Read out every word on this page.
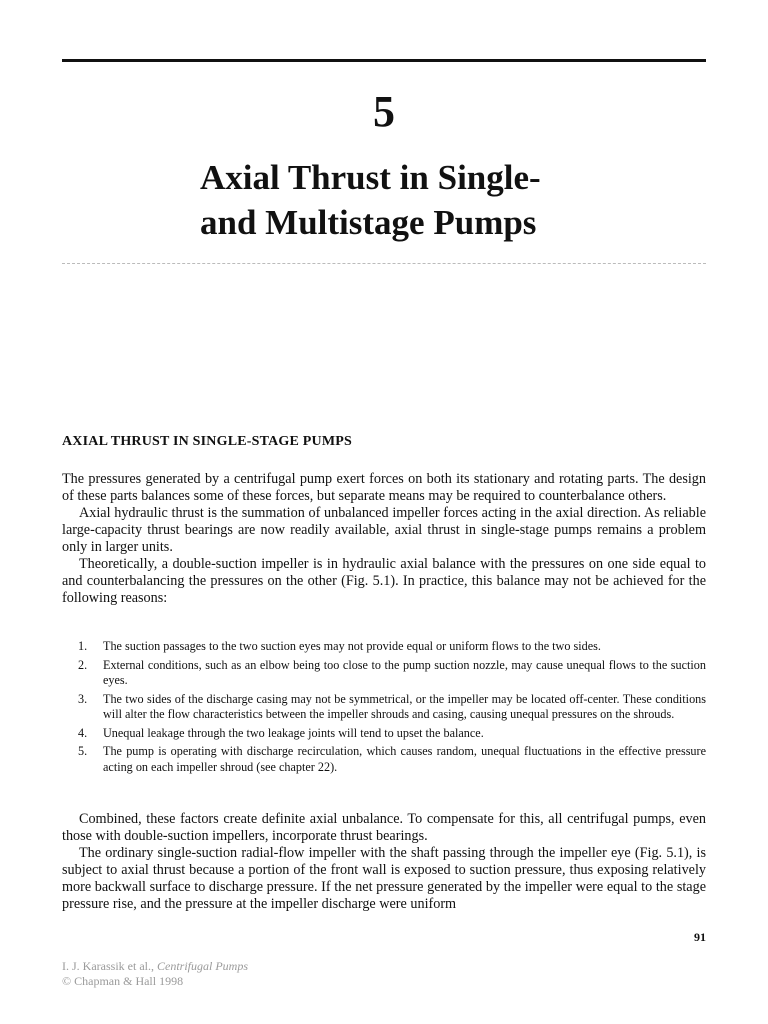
5
Axial Thrust in Single-
and Multistage Pumps
AXIAL THRUST IN SINGLE-STAGE PUMPS

The pressures generated by a centrifugal pump exert forces on both its stationary and rotating parts. The design of these parts balances some of these forces, but separate means may be required to counterbalance others.

Axial hydraulic thrust is the summation of unbalanced impeller forces acting in the axial direction. As reliable large-capacity thrust bearings are now readily available, axial thrust in single-stage pumps remains a problem only in larger units.

Theoretically, a double-suction impeller is in hydraulic axial balance with the pressures on one side equal to and counterbalancing the pressures on the other (Fig. 5.1). In practice, this balance may not be achieved for the following reasons:

1. The suction passages to the two suction eyes may not provide equal or uniform flows to the two sides.
2. External conditions, such as an elbow being too close to the pump suction nozzle, may cause unequal flows to the suction eyes.
3. The two sides of the discharge casing may not be symmetrical, or the impeller may be located off-center. These conditions will alter the flow characteristics between the impeller shrouds and casing, causing unequal pressures on the shrouds.
4. Unequal leakage through the two leakage joints will tend to upset the balance.
5. The pump is operating with discharge recirculation, which causes random, unequal fluctuations in the effective pressure acting on each impeller shroud (see chapter 22).

Combined, these factors create definite axial unbalance. To compensate for this, all centrifugal pumps, even those with double-suction impellers, incorporate thrust bearings.

The ordinary single-suction radial-flow impeller with the shaft passing through the impeller eye (Fig. 5.1), is subject to axial thrust because a portion of the front wall is exposed to suction pressure, thus exposing relatively more backwall surface to discharge pressure. If the net pressure generated by the impeller were equal to the stage pressure rise, and the pressure at the impeller discharge were uniform

91
I. J. Karassik et al., Centrifugal Pumps
© Chapman & Hall 1998
